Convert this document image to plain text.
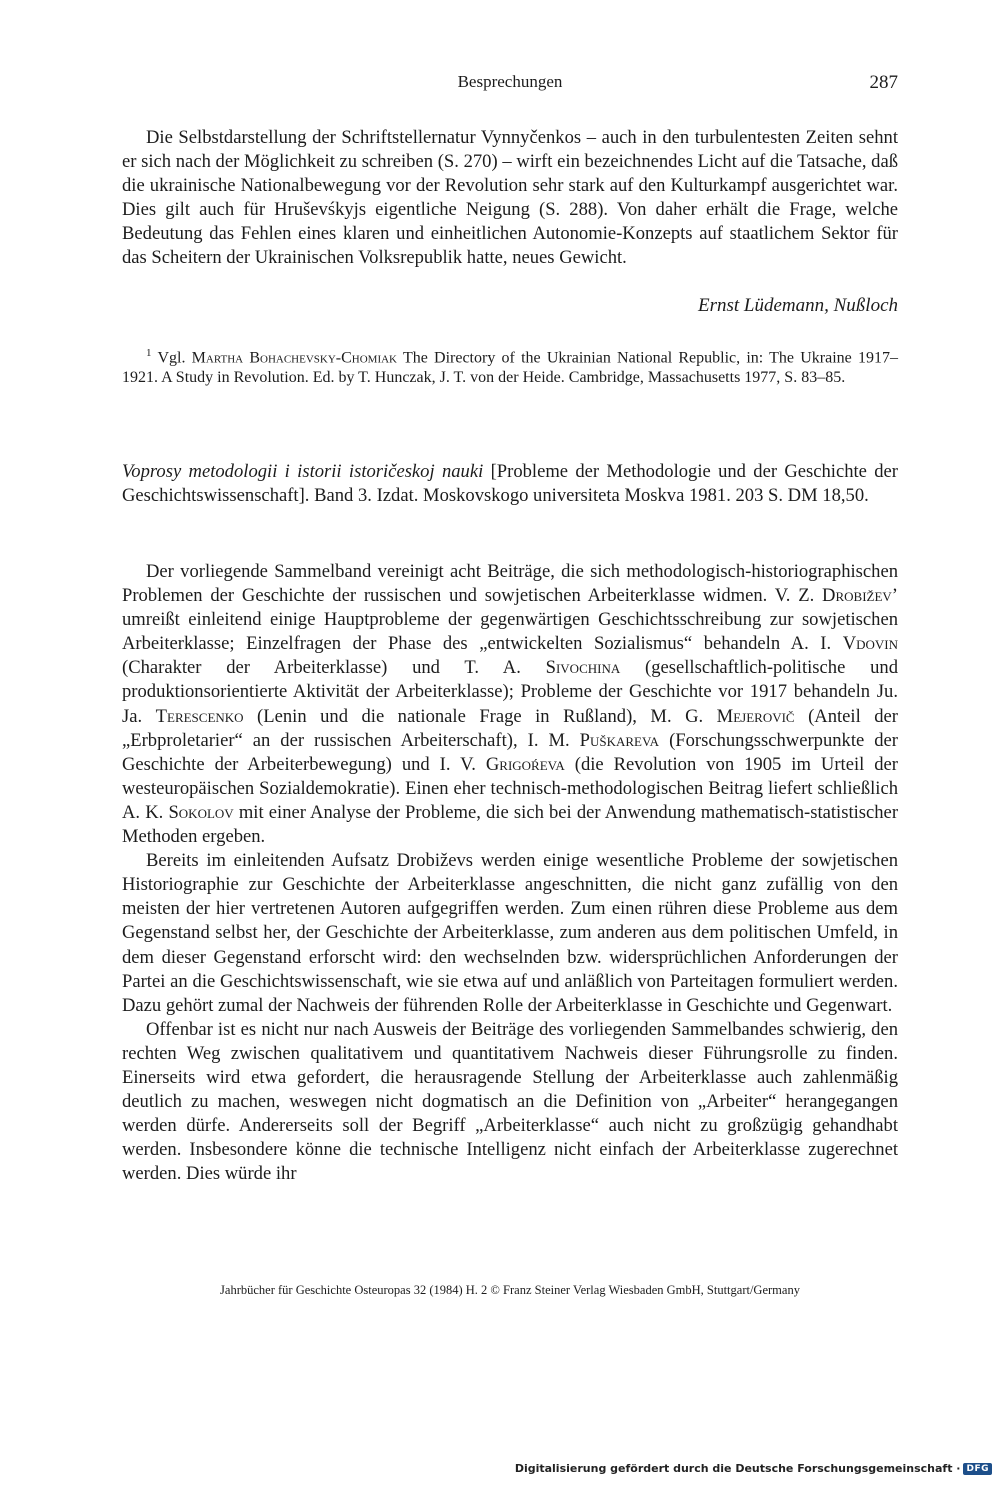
Besprechungen	287

Die Selbstdarstellung der Schriftstellernatur Vynnyčenkos – auch in den turbulentesten Zeiten sehnt er sich nach der Möglichkeit zu schreiben (S. 270) – wirft ein bezeichnendes Licht auf die Tatsache, daß die ukrainische Nationalbewegung vor der Revolution sehr stark auf den Kulturkampf ausgerichtet war. Dies gilt auch für Hruševśkyjs eigentliche Neigung (S. 288). Von daher erhält die Frage, welche Bedeutung das Fehlen eines klaren und einheitlichen Autonomie-Konzepts auf staatlichem Sektor für das Scheitern der Ukrainischen Volksrepublik hatte, neues Gewicht.

Ernst Lüdemann, Nußloch
$^1$ Vgl. Martha Bohachevsky-Chomiak The Directory of the Ukrainian National Republic, in: The Ukraine 1917–1921. A Study in Revolution. Ed. by T. Hunczak, J. T. von der Heide. Cambridge, Massachusetts 1977, S. 83–85.

Voprosy metodologii i istorii istoričeskoj nauki [Probleme der Methodologie und der Geschichte der Geschichtswissenschaft]. Band 3. Izdat. Moskovskogo universiteta Moskva 1981. 203 S. DM 18,50.

Der vorliegende Sammelband vereinigt acht Beiträge, die sich methodologisch-historiographischen Problemen der Geschichte der russischen und sowjetischen Arbeiterklasse widmen. V. Z. Drobiževʼ umreißt einleitend einige Hauptprobleme der gegenwärtigen Geschichtsschreibung zur sowjetischen Arbeiterklasse; Einzelfragen der Phase des „entwickelten Sozialismus“ behandeln A. I. Vdovin (Charakter der Arbeiterklasse) und T. A. Sivochina (gesellschaftlich-politische und produktionsorientierte Aktivität der Arbeiterklasse); Probleme der Geschichte vor 1917 behandeln Ju. Ja. Terescenko (Lenin und die nationale Frage in Rußland), M. G. Mejerovič (Anteil der „Erbproletarier“ an der russischen Arbeiterschaft), I. M. Puškareva (Forschungsschwerpunkte der Geschichte der Arbeiterbewegung) und I. V. Grigoŕeva (die Revolution von 1905 im Urteil der westeuropäischen Sozialdemokratie). Einen eher technisch-methodologischen Beitrag liefert schließlich A. K. Sokolov mit einer Analyse der Probleme, die sich bei der Anwendung mathematisch-statistischer Methoden ergeben.

Bereits im einleitenden Aufsatz Drobiževs werden einige wesentliche Probleme der sowjetischen Historiographie zur Geschichte der Arbeiterklasse angeschnitten, die nicht ganz zufällig von den meisten der hier vertretenen Autoren aufgegriffen werden. Zum einen rühren diese Probleme aus dem Gegenstand selbst her, der Geschichte der Arbeiterklasse, zum anderen aus dem politischen Umfeld, in dem dieser Gegenstand erforscht wird: den wechselnden bzw. widersprüchlichen Anforderungen der Partei an die Geschichtswissenschaft, wie sie etwa auf und anläßlich von Parteitagen formuliert werden. Dazu gehört zumal der Nachweis der führenden Rolle der Arbeiterklasse in Geschichte und Gegenwart.

Offenbar ist es nicht nur nach Ausweis der Beiträge des vorliegenden Sammelbandes schwierig, den rechten Weg zwischen qualitativem und quantitativem Nachweis dieser Führungsrolle zu finden. Einerseits wird etwa gefordert, die herausragende Stellung der Arbeiterklasse auch zahlenmäßig deutlich zu machen, weswegen nicht dogmatisch an die Definition von „Arbeiter“ herangegangen werden dürfe. Andererseits soll der Begriff „Arbeiterklasse“ auch nicht zu großzügig gehandhabt werden. Insbesondere könne die technische Intelligenz nicht einfach der Arbeiterklasse zugerechnet werden. Dies würde ihr

Jahrbücher für Geschichte Osteuropas 32 (1984) H. 2 © Franz Steiner Verlag Wiesbaden GmbH, Stuttgart/Germany
Digitalisierung gefördert durch die Deutsche Forschungsgemeinschaft · DFG
